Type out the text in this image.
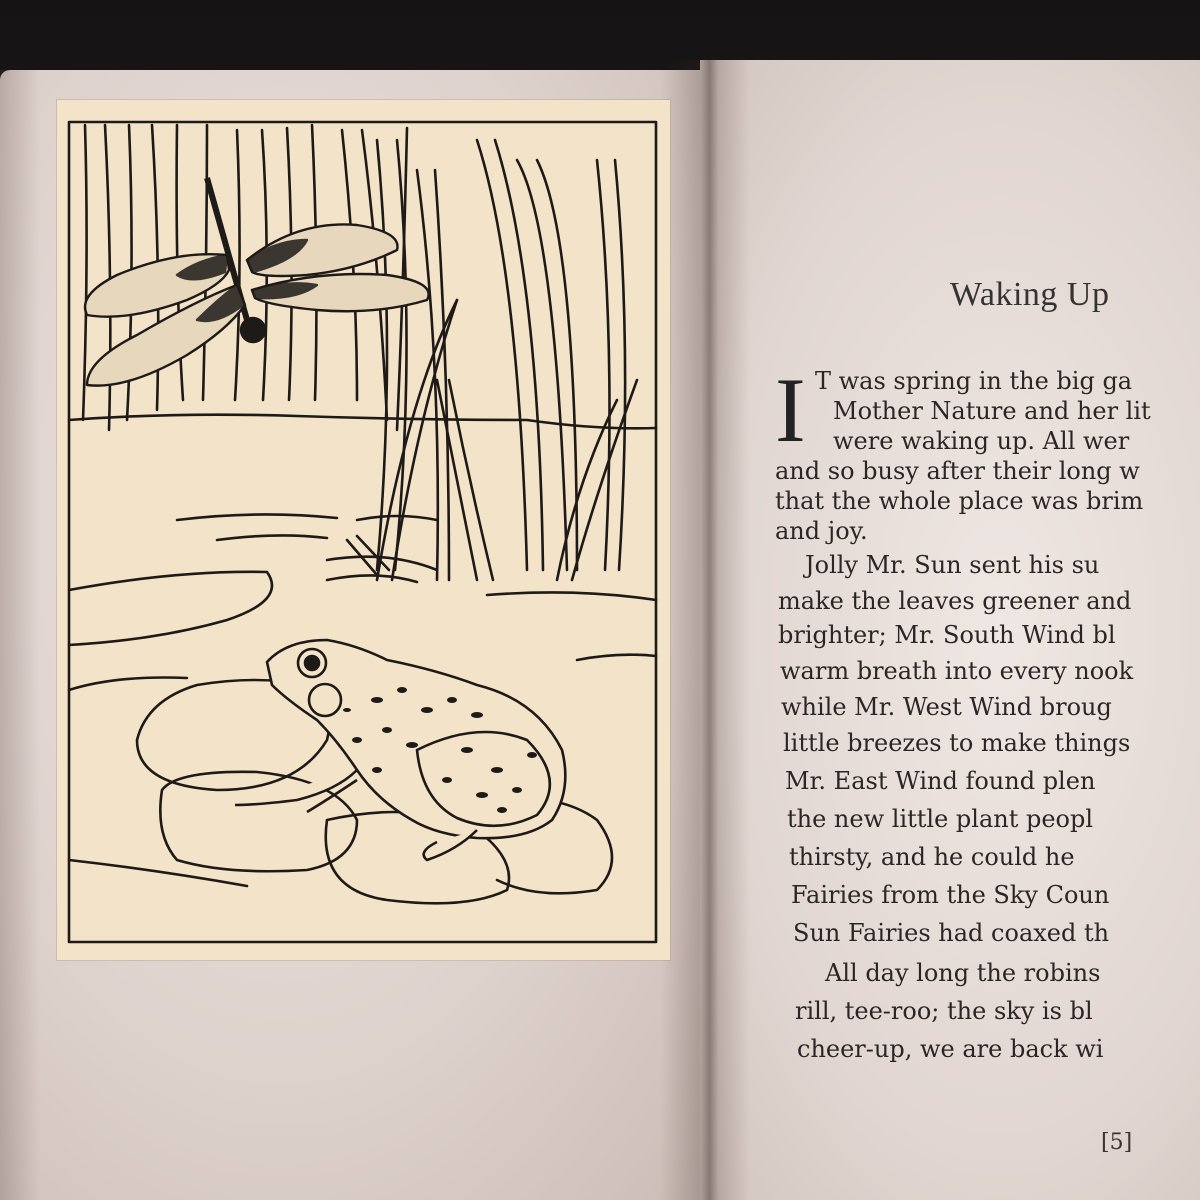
Waking Up
I T was spring in the big ga
Mother Nature and her lit
were waking up. All wer
and so busy after their long w
that the whole place was brim
and joy.
Jolly Mr. Sun sent his su
make the leaves greener and
brighter; Mr. South Wind bl
warm breath into every nook
while Mr. West Wind broug
little breezes to make things
Mr. East Wind found plen
the new little plant peopl
thirsty, and he could he
Fairies from the Sky Coun
Sun Fairies had coaxed th
All day long the robins
rill, tee-roo; the sky is bl
cheer-up, we are back wi
[5]
